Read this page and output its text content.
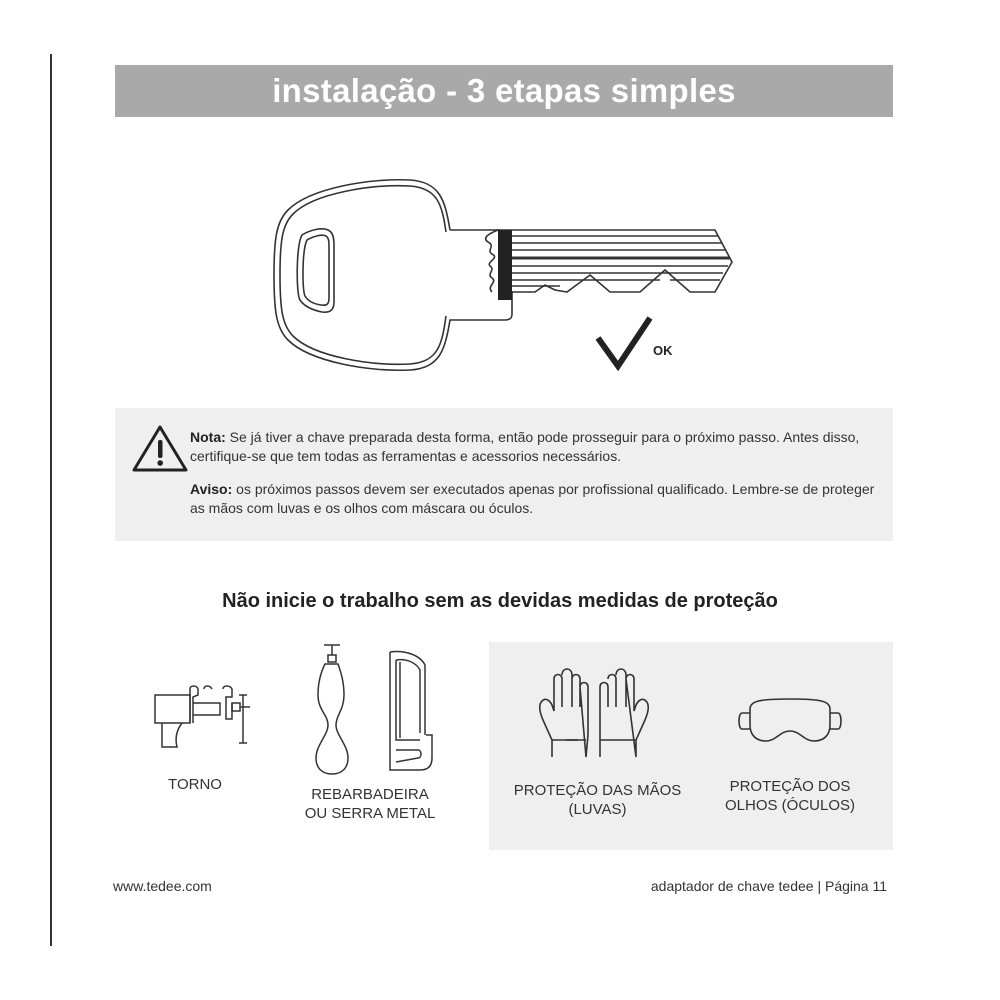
instalação - 3 etapas simples
OK

Nota: Se já tiver a chave preparada desta forma, então pode prosseguir para o próximo passo. Antes disso, certifique-se que tem todas as ferramentas e acessorios necessários.

Aviso: os próximos passos devem ser executados apenas por profissional qualificado. Lembre-se de proteger as mãos com luvas e os olhos com máscara ou óculos.

Não inicie o trabalho sem as devidas medidas de proteção
TORNO
REBARBADEIRA
OU SERRA METAL
PROTEÇÃO DAS MÃOS
(LUVAS)
PROTEÇÃO DOS
OLHOS (ÓCULOS)
www.tedee.com	adaptador de chave tedee | Página 11
